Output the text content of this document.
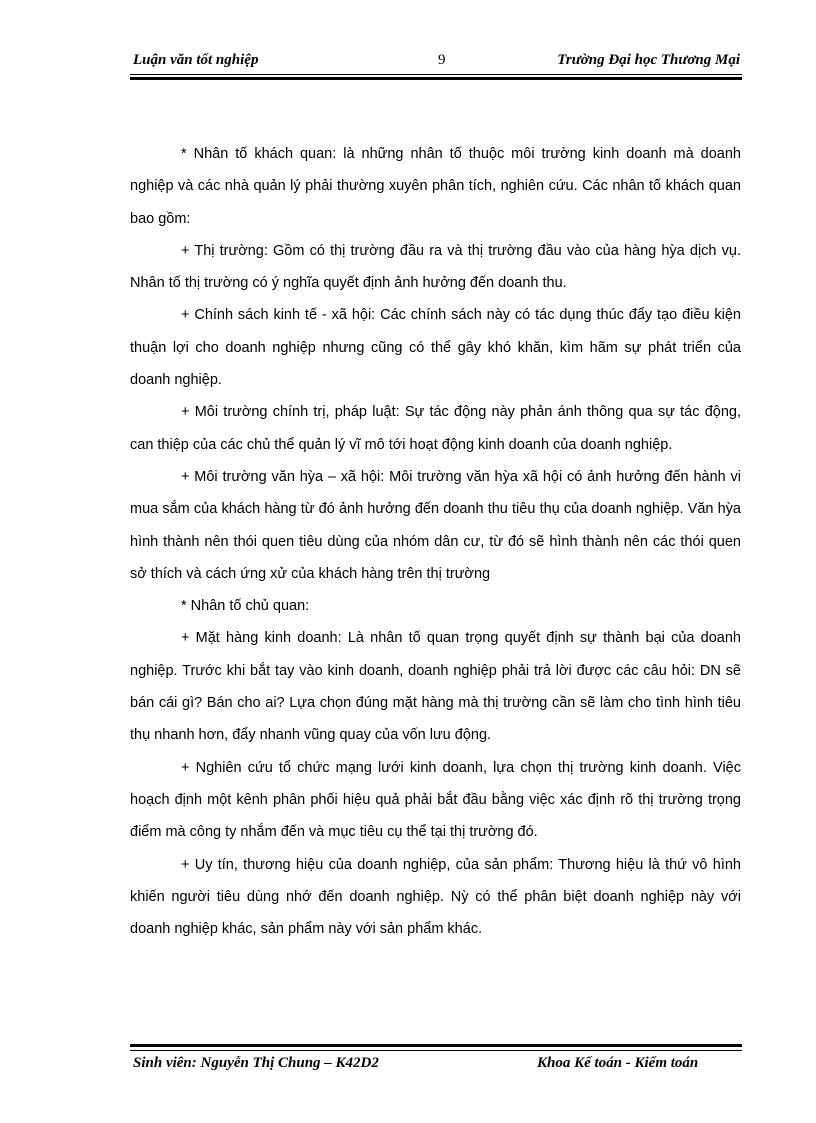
Luận văn tốt nghiệp	9	Trường Đại học Thương Mại

* Nhân tố khách quan: là những nhân tố thuộc môi trường kinh doanh mà doanh nghiệp và các nhà quản lý phải thường xuyên phân tích, nghiên cứu. Các nhân tố khách quan bao gồm:

+ Thị trường: Gồm có thị trường đầu ra và thị trường đầu vào của hàng hỳa dịch vụ. Nhân tố thị trường có ý nghĩa quyết định ảnh hưởng đến doanh thu.

+ Chính sách kinh tế - xã hội: Các chính sách này có tác dụng thúc đẩy tạo điều kiện thuận lợi cho doanh nghiệp nhưng cũng có thể gây khó khăn, kìm hãm sự phát triển của doanh nghiệp.

+ Môi trường chính trị, pháp luật: Sự tác động này phản ánh thông qua sự tác động, can thiệp của các chủ thể quản lý vĩ mô tới hoạt động kinh doanh của doanh nghiệp.

+ Môi trường văn hỳa – xã hội: Môi trường văn hỳa xã hội có ảnh hưởng đến hành vi mua sắm của khách hàng từ đó ảnh hưởng đến doanh thu tiêu thụ của doanh nghiệp. Văn hỳa hình thành nên thói quen tiêu dùng của nhóm dân cư, từ đó sẽ hình thành nên các thói quen sở thích và cách ứng xử của khách hàng trên thị trường

* Nhân tố chủ quan:

+ Mặt hàng kinh doanh: Là nhân tố quan trọng quyết định sự thành bại của doanh nghiệp. Trước khi bắt tay vào kinh doanh, doanh nghiệp phải trả lời được các câu hỏi: DN sẽ bán cái gì? Bán cho ai? Lựa chọn đúng mặt hàng mà thị trường cần sẽ làm cho tình hình tiêu thụ nhanh hơn, đẩy nhanh vũng quay của vốn lưu động.

+ Nghiên cứu tổ chức mạng lưới kinh doanh, lựa chọn thị trường kinh doanh. Việc hoạch định một kênh phân phối hiệu quả phải bắt đầu bằng việc xác định rõ thị trường trọng điểm mà công ty nhắm đến và mục tiêu cụ thể tại thị trường đó.

+ Uy tín, thương hiệu của doanh nghiệp, của sản phẩm: Thương hiệu là thứ vô hình khiến người tiêu dùng nhớ đến doanh nghiệp. Nỳ có thể phân biệt doanh nghiệp này với doanh nghiệp khác, sản phẩm này với sản phẩm khác.

Sinh viên: Nguyễn Thị Chung – K42D2	Khoa Kế toán - Kiểm toán
